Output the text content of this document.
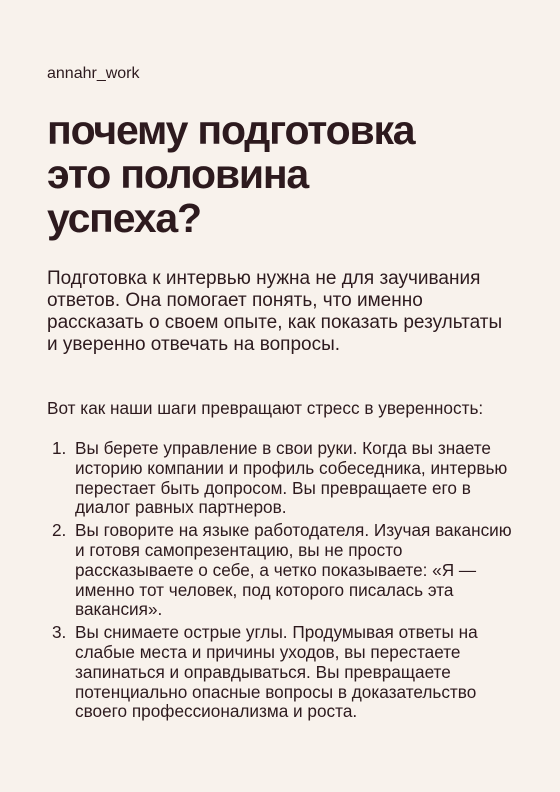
annahr_work
почему подготовка
это половина
успеха?

Подготовка к интервью нужна не для заучивания ответов. Она помогает понять, что именно рассказать о своем опыте, как показать результаты и уверенно отвечать на вопросы.

Вот как наши шаги превращают стресс в уверенность:

1. Вы берете управление в свои руки. Когда вы знаете историю компании и профиль собеседника, интервью перестает быть допросом. Вы превращаете его в диалог равных партнеров.
2. Вы говорите на языке работодателя. Изучая вакансию и готовя самопрезентацию, вы не просто рассказываете о себе, а четко показываете: «Я — именно тот человек, под которого писалась эта вакансия».
3. Вы снимаете острые углы. Продумывая ответы на слабые места и причины уходов, вы перестаете запинаться и оправдываться. Вы превращаете потенциально опасные вопросы в доказательство своего профессионализма и роста.
